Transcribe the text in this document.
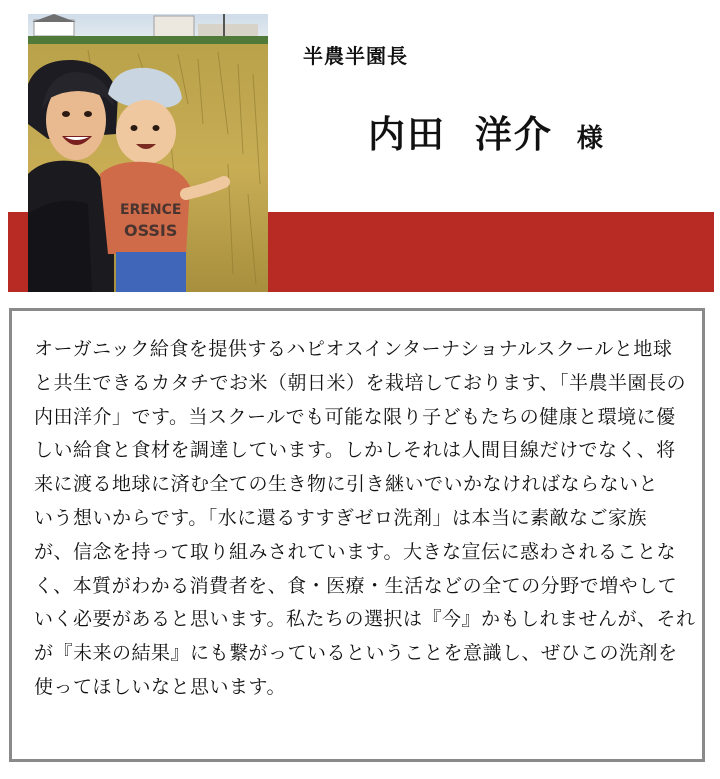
ERENCE
OSSIS
半農半園長
内田 洋介 様
オーガニック給食を提供するハピオスインターナショナルスクールと地球
と共生できるカタチでお米（朝日米）を栽培しております、「半農半園長の
内田洋介」です。当スクールでも可能な限り子どもたちの健康と環境に優
しい給食と食材を調達しています。しかしそれは人間目線だけでなく、将
来に渡る地球に済む全ての生き物に引き継いでいかなければならないと
いう想いからです。「水に還るすすぎゼロ洗剤」は本当に素敵なご家族
が、信念を持って取り組みされています。大きな宣伝に惑わされることな
く、本質がわかる消費者を、食・医療・生活などの全ての分野で増やして
いく必要があると思います。私たちの選択は『今』かもしれませんが、それ
が『未来の結果』にも繋がっているということを意識し、ぜひこの洗剤を
使ってほしいなと思います。
